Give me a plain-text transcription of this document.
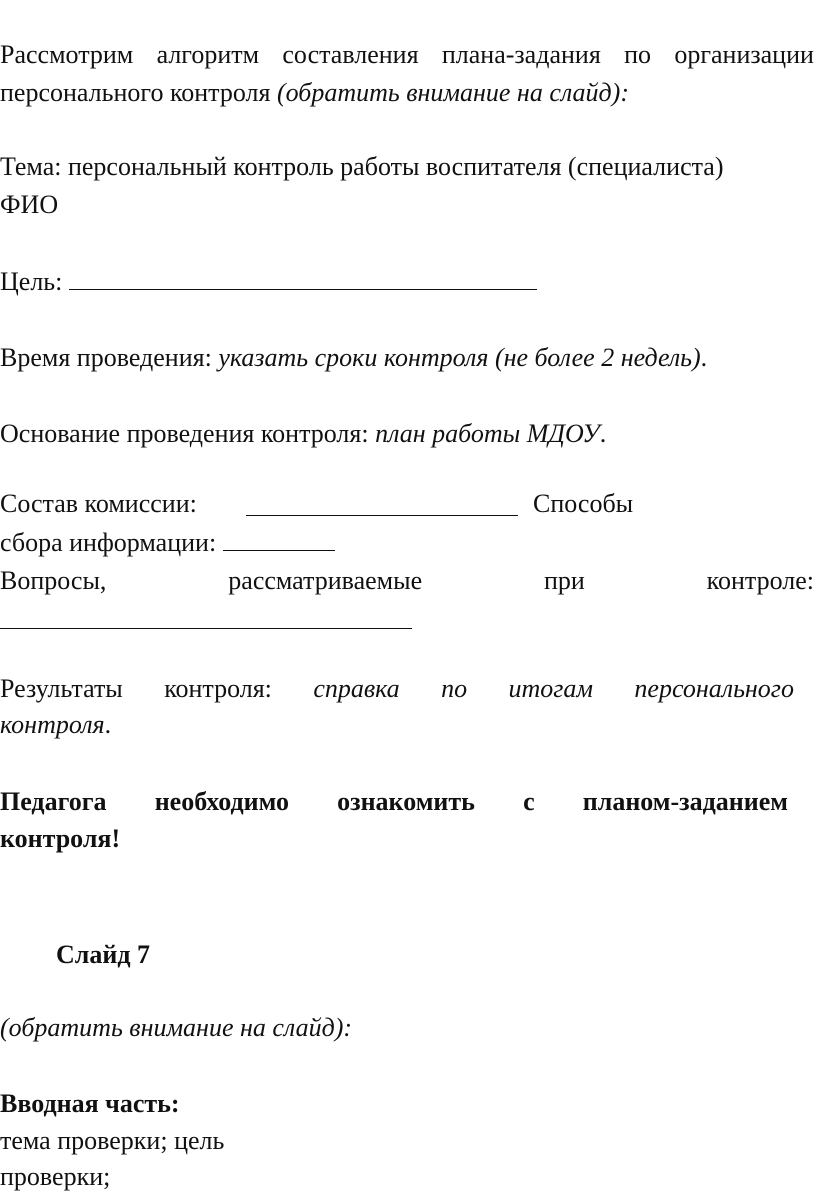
Рассмотрим алгоритм составления плана-задания по организации
персонального контроля (обратить внимание на слайд):
Тема: персональный контроль работы воспитателя (специалиста)
ФИО
Цель:
Время проведения: указать сроки контроля (не более 2 недель).
Основание проведения контроля: план работы МДОУ.
Состав комиссии:	Способы
сбора информации:
Вопросы,	рассматриваемые	при	контроле:
Результаты контроля: справка по итогам персонального
контроля.
Педагога необходимо ознакомить с планом-заданием
контроля!
Слайд 7
(обратить внимание на слайд):
Вводная часть:
тема проверки; цель
проверки;
